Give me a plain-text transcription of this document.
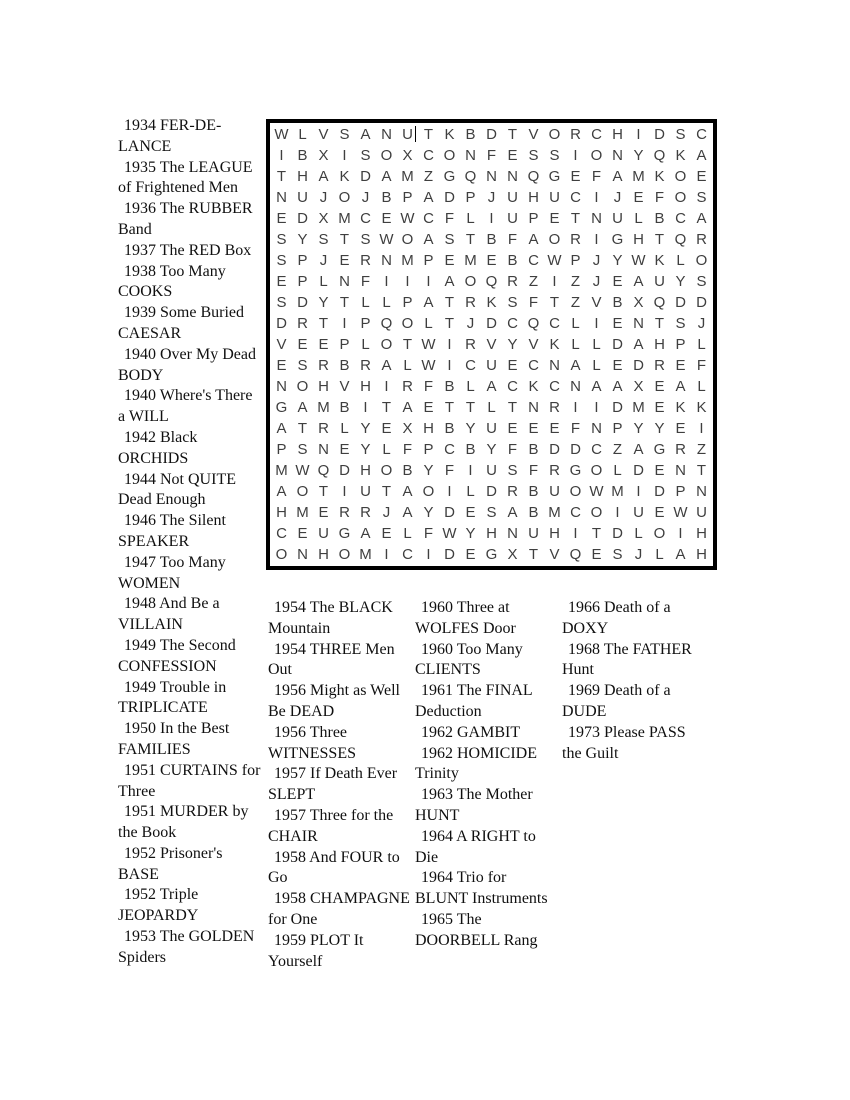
1934 FER-DE-
LANCE

1935 The LEAGUE
of Frightened Men

1936 The RUBBER
Band

1937 The RED Box

1938 Too Many
COOKS

1939 Some Buried
CAESAR

1940 Over My Dead
BODY

1940 Where's There
a WILL

1942 Black
ORCHIDS

1944 Not QUITE
Dead Enough

1946 The Silent
SPEAKER

1947 Too Many
WOMEN

1948 And Be a
VILLAIN

1949 The Second
CONFESSION

1949 Trouble in
TRIPLICATE

1950 In the Best
FAMILIES

1951 CURTAINS for
Three

1951 MURDER by
the Book

1952 Prisoner's
BASE

1952 Triple
JEOPARDY

1953 The GOLDEN
Spiders

W L V S A N U T K B D T V O R C H I D S C
I B X I S O X C O N F E S S I O N Y Q K A
T H A K D A M Z G Q N N Q G E F A M K O E
N U J O J B P A D P J U H U C I	J E F O S
E D X M C E W C F L I U P E T N U L B C A
S Y S T S W O A S T B F A O R I G H T Q R
S P J E R N M P E M E B C W P J Y W K L O
E P L N F I	I	I A O Q R Z I Z J E A U Y S
S D Y T L L P A T R K S F T Z V B X Q D D
D R T I P Q O L T J D C Q C L I E N T S J
V E E P L O T W I R V Y V K L L D A H P L
E S R B R A L W I C U E C N A L E D R E F
N O H V H I R F B L A C K C N A A X E A L
G A M B I T A E T T L T N R I	I D M E K K
A T R L Y E X H B Y U E E E F N P Y Y E I
P S N E Y L F P C B Y F B D D C Z A G R Z
M W Q D H O B Y F I U S F R G O L D E N T
A O T I U T A O I L D R B U O W M I D P N
H M E R R J A Y D E S A B M C O I U E W U
C E U G A E L F W Y H N U H I T D L O I H
O N H O M I C I D E G X T V Q E S J L A H

1954 The BLACK
Mountain

1954 THREE Men
Out

1956 Might as Well
Be DEAD

1956 Three
WITNESSES

1957 If Death Ever
SLEPT

1957 Three for the
CHAIR

1958 And FOUR to
Go

1958 CHAMPAGNE
for One

1959 PLOT It
Yourself

1960 Three at
WOLFES Door

1960 Too Many
CLIENTS

1961 The FINAL
Deduction

1962 GAMBIT

1962 HOMICIDE
Trinity

1963 The Mother
HUNT

1964 A RIGHT to
Die

1964 Trio for
BLUNT Instruments

1965 The
DOORBELL Rang

1966 Death of a
DOXY

1968 The FATHER
Hunt

1969 Death of a
DUDE

1973 Please PASS
the Guilt
